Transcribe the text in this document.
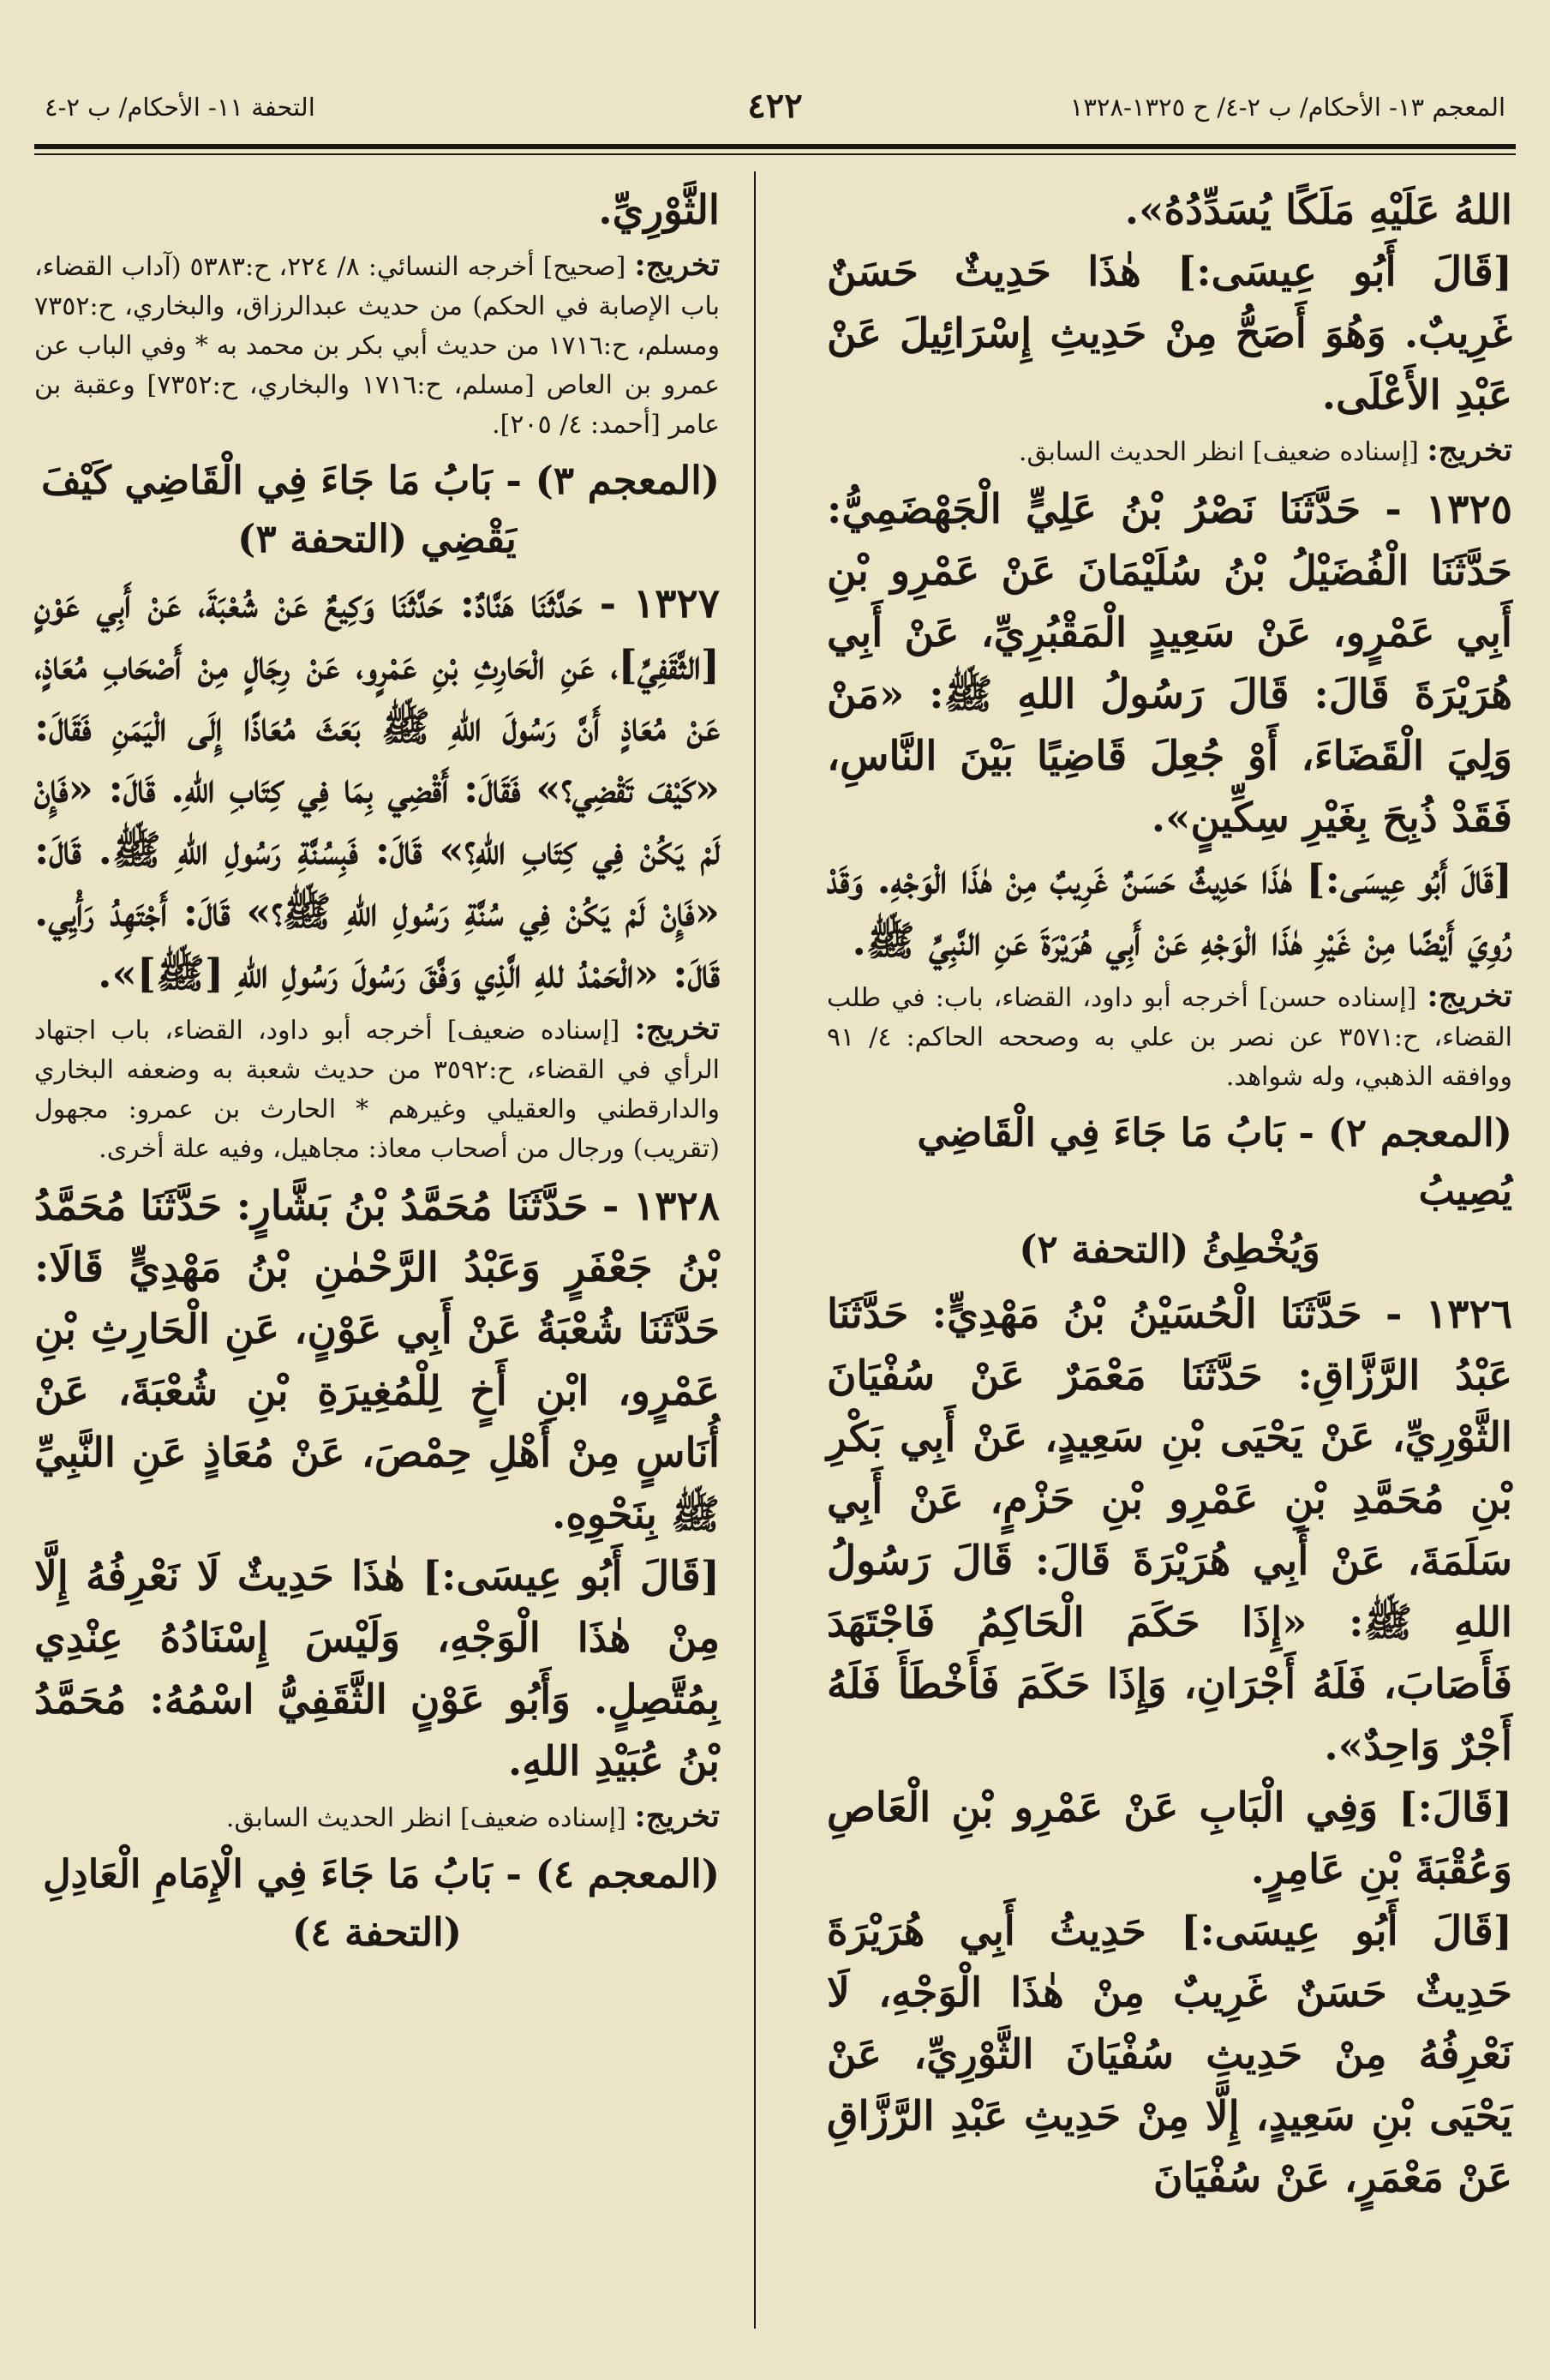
التحفة ١١- الأحكام/ ب ٢-٤	٤٢٢	المعجم ١٣- الأحكام/ ب ٢-٤/ ح ١٣٢٥-١٣٢٨

اللهُ عَلَيْهِ مَلَكًا يُسَدِّدُهُ».

[قَالَ أَبُو عِيسَى:] هٰذَا حَدِيثٌ حَسَنٌ غَرِيبٌ. وَهُوَ أَصَحُّ مِنْ حَدِيثِ إِسْرَائِيلَ عَنْ عَبْدِ الأَعْلَى.

تخريج: [إسناده ضعيف] انظر الحديث السابق.

١٣٢٥ - حَدَّثَنَا نَصْرُ بْنُ عَلِيٍّ الْجَهْضَمِيُّ: حَدَّثَنَا الْفُضَيْلُ بْنُ سُلَيْمَانَ عَنْ عَمْرِو بْنِ أَبِي عَمْرٍو، عَنْ سَعِيدٍ الْمَقْبُرِيِّ، عَنْ أَبِي هُرَيْرَةَ قَالَ: قَالَ رَسُولُ اللهِ ﷺ: «مَنْ وَلِيَ الْقَضَاءَ، أَوْ جُعِلَ قَاضِيًا بَيْنَ النَّاسِ، فَقَدْ ذُبِحَ بِغَيْرِ سِكِّينٍ».

[قَالَ أَبُو عِيسَى:] هٰذَا حَدِيثٌ حَسَنٌ غَرِيبٌ مِنْ هٰذَا الْوَجْهِ. وَقَدْ رُوِيَ أَيْضًا مِنْ غَيْرِ هٰذَا الْوَجْهِ عَنْ أَبِي هُرَيْرَةَ عَنِ النَّبِيِّ ﷺ.

تخريج: [إسناده حسن] أخرجه أبو داود، القضاء، باب: في طلب القضاء، ح:٣٥٧١ عن نصر بن علي به وصححه الحاكم: ٤/ ٩١ ووافقه الذهبي، وله شواهد.

(المعجم ٢) - بَابُ مَا جَاءَ فِي الْقَاضِي يُصِيبُ
وَيُخْطِئُ (التحفة ٢)

١٣٢٦ - حَدَّثَنَا الْحُسَيْنُ بْنُ مَهْدِيٍّ: حَدَّثَنَا عَبْدُ الرَّزَّاقِ: حَدَّثَنَا مَعْمَرٌ عَنْ سُفْيَانَ الثَّوْرِيِّ، عَنْ يَحْيَى بْنِ سَعِيدٍ، عَنْ أَبِي بَكْرِ بْنِ مُحَمَّدِ بْنِ عَمْرِو بْنِ حَزْمٍ، عَنْ أَبِي سَلَمَةَ، عَنْ أَبِي هُرَيْرَةَ قَالَ: قَالَ رَسُولُ اللهِ ﷺ: «إِذَا حَكَمَ الْحَاكِمُ فَاجْتَهَدَ فَأَصَابَ، فَلَهُ أَجْرَانِ، وَإِذَا حَكَمَ فَأَخْطَأَ فَلَهُ أَجْرٌ وَاحِدٌ».

[قَالَ:] وَفِي الْبَابِ عَنْ عَمْرِو بْنِ الْعَاصِ وَعُقْبَةَ بْنِ عَامِرٍ.

[قَالَ أَبُو عِيسَى:] حَدِيثُ أَبِي هُرَيْرَةَ حَدِيثٌ حَسَنٌ غَرِيبٌ مِنْ هٰذَا الْوَجْهِ، لَا نَعْرِفُهُ مِنْ حَدِيثِ سُفْيَانَ الثَّوْرِيِّ، عَنْ يَحْيَى بْنِ سَعِيدٍ، إِلَّا مِنْ حَدِيثِ عَبْدِ الرَّزَّاقِ عَنْ مَعْمَرٍ، عَنْ سُفْيَانَ

الثَّوْرِيِّ.

تخريج: [صحيح] أخرجه النسائي: ٨/ ٢٢٤، ح:٥٣٨٣ (آداب القضاء، باب الإصابة في الحكم) من حديث عبدالرزاق، والبخاري، ح:٧٣٥٢ ومسلم، ح:١٧١٦ من حديث أبي بكر بن محمد به * وفي الباب عن عمرو بن العاص [مسلم، ح:١٧١٦ والبخاري، ح:٧٣٥٢] وعقبة بن عامر [أحمد: ٤/ ٢٠٥].

(المعجم ٣) - بَابُ مَا جَاءَ فِي الْقَاضِي كَيْفَ
يَقْضِي (التحفة ٣)

١٣٢٧ - حَدَّثَنَا هَنَّادٌ: حَدَّثَنَا وَكِيعٌ عَنْ شُعْبَةَ، عَنْ أَبِي عَوْنٍ [الثَّقَفِيِّ]، عَنِ الْحَارِثِ بْنِ عَمْرٍو، عَنْ رِجَالٍ مِنْ أَصْحَابِ مُعَاذٍ، عَنْ مُعَاذٍ أَنَّ رَسُولَ اللهِ ﷺ بَعَثَ مُعَاذًا إِلَى الْيَمَنِ فَقَالَ: «كَيْفَ تَقْضِي؟» فَقَالَ: أَقْضِي بِمَا فِي كِتَابِ اللهِ. قَالَ: «فَإِنْ لَمْ يَكُنْ فِي كِتَابِ اللهِ؟» قَالَ: فَبِسُنَّةِ رَسُولِ اللهِ ﷺ. قَالَ: «فَإِنْ لَمْ يَكُنْ فِي سُنَّةِ رَسُولِ اللهِ ﷺ؟» قَالَ: أَجْتَهِدُ رَأْيِي. قَالَ: «الْحَمْدُ للهِ الَّذِي وَفَّقَ رَسُولَ رَسُولِ اللهِ [ﷺ]».

تخريج: [إسناده ضعيف] أخرجه أبو داود، القضاء، باب اجتهاد الرأي في القضاء، ح:٣٥٩٢ من حديث شعبة به وضعفه البخاري والدارقطني والعقيلي وغيرهم * الحارث بن عمرو: مجهول (تقريب) ورجال من أصحاب معاذ: مجاهيل، وفيه علة أخرى.

١٣٢٨ - حَدَّثَنَا مُحَمَّدُ بْنُ بَشَّارٍ: حَدَّثَنَا مُحَمَّدُ بْنُ جَعْفَرٍ وَعَبْدُ الرَّحْمٰنِ بْنُ مَهْدِيٍّ قَالَا: حَدَّثَنَا شُعْبَةُ عَنْ أَبِي عَوْنٍ، عَنِ الْحَارِثِ بْنِ عَمْرٍو، ابْنِ أَخٍ لِلْمُغِيرَةِ بْنِ شُعْبَةَ، عَنْ أُنَاسٍ مِنْ أَهْلِ حِمْصَ، عَنْ مُعَاذٍ عَنِ النَّبِيِّ ﷺ بِنَحْوِهِ.

[قَالَ أَبُو عِيسَى:] هٰذَا حَدِيثٌ لَا نَعْرِفُهُ إِلَّا مِنْ هٰذَا الْوَجْهِ، وَلَيْسَ إِسْنَادُهُ عِنْدِي بِمُتَّصِلٍ. وَأَبُو عَوْنٍ الثَّقَفِيُّ اسْمُهُ: مُحَمَّدُ بْنُ عُبَيْدِ اللهِ.

تخريج: [إسناده ضعيف] انظر الحديث السابق.

(المعجم ٤) - بَابُ مَا جَاءَ فِي الْإِمَامِ الْعَادِلِ
(التحفة ٤)
